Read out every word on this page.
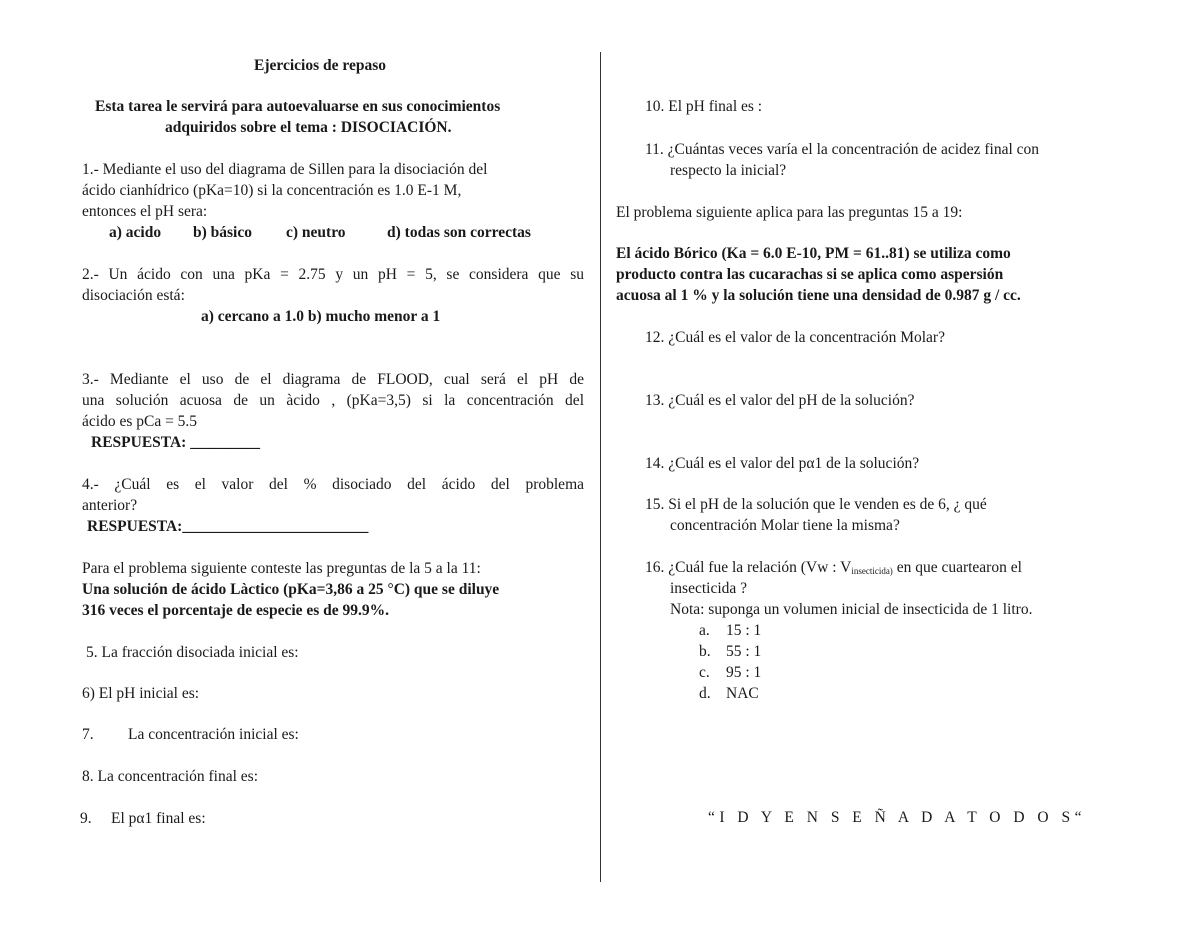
Ejercicios de repaso
Esta tarea le servirá para autoevaluarse en sus conocimientos
adquiridos sobre el tema : DISOCIACIÓN.
1.- Mediante el uso del diagrama de Sillen para la disociación del
ácido cianhídrico (pKa=10) si la concentración es 1.0 E-1 M,
entonces el pH sera:
a) acido b) básico c) neutro	d) todas son correctas
2.- Un ácido con una pKa = 2.75 y un pH = 5, se considera que su
disociación está:
a) cercano a 1.0 b) mucho menor a 1
3.- Mediante el uso de el diagrama de FLOOD, cual será el pH de
una solución acuosa de un àcido , (pKa=3,5) si la concentración del
ácido es pCa = 5.5
RESPUESTA: _________
4.- ¿Cuál es el valor del % disociado del ácido del problema
anterior?
RESPUESTA:________________________
Para el problema siguiente conteste las preguntas de la 5 a la 11:
Una solución de ácido Làctico (pKa=3,86 a 25 °C) que se diluye
316 veces el porcentaje de especie es de 99.9%.
5. La fracción disociada inicial es:
6) El pH inicial es:
7. La concentración inicial es:
8. La concentración final es:
9. El pα1 final es:
10. El pH final es :
11. ¿Cuántas veces varía el la concentración de acidez final con
respecto la inicial?
El problema siguiente aplica para las preguntas 15 a 19:
El ácido Bórico (Ka = 6.0 E-10, PM = 61..81) se utiliza como
producto contra las cucarachas si se aplica como aspersión
acuosa al 1 % y la solución tiene una densidad de 0.987 g / cc.
12. ¿Cuál es el valor de la concentración Molar?
13. ¿Cuál es el valor del pH de la solución?
14. ¿Cuál es el valor del pα1 de la solución?
15. Si el pH de la solución que le venden es de 6, ¿ qué
concentración Molar tiene la misma?
16. ¿Cuál fue la relación (Vw : $V_{insecticida)}$ en que cuartearon el
insecticida ?
Nota: suponga un volumen inicial de insecticida de 1 litro.
a. 15 : 1
b. 55 : 1
c. 95 : 1
d. NAC
“I D Y E N S E Ñ A D A T O D O S“
